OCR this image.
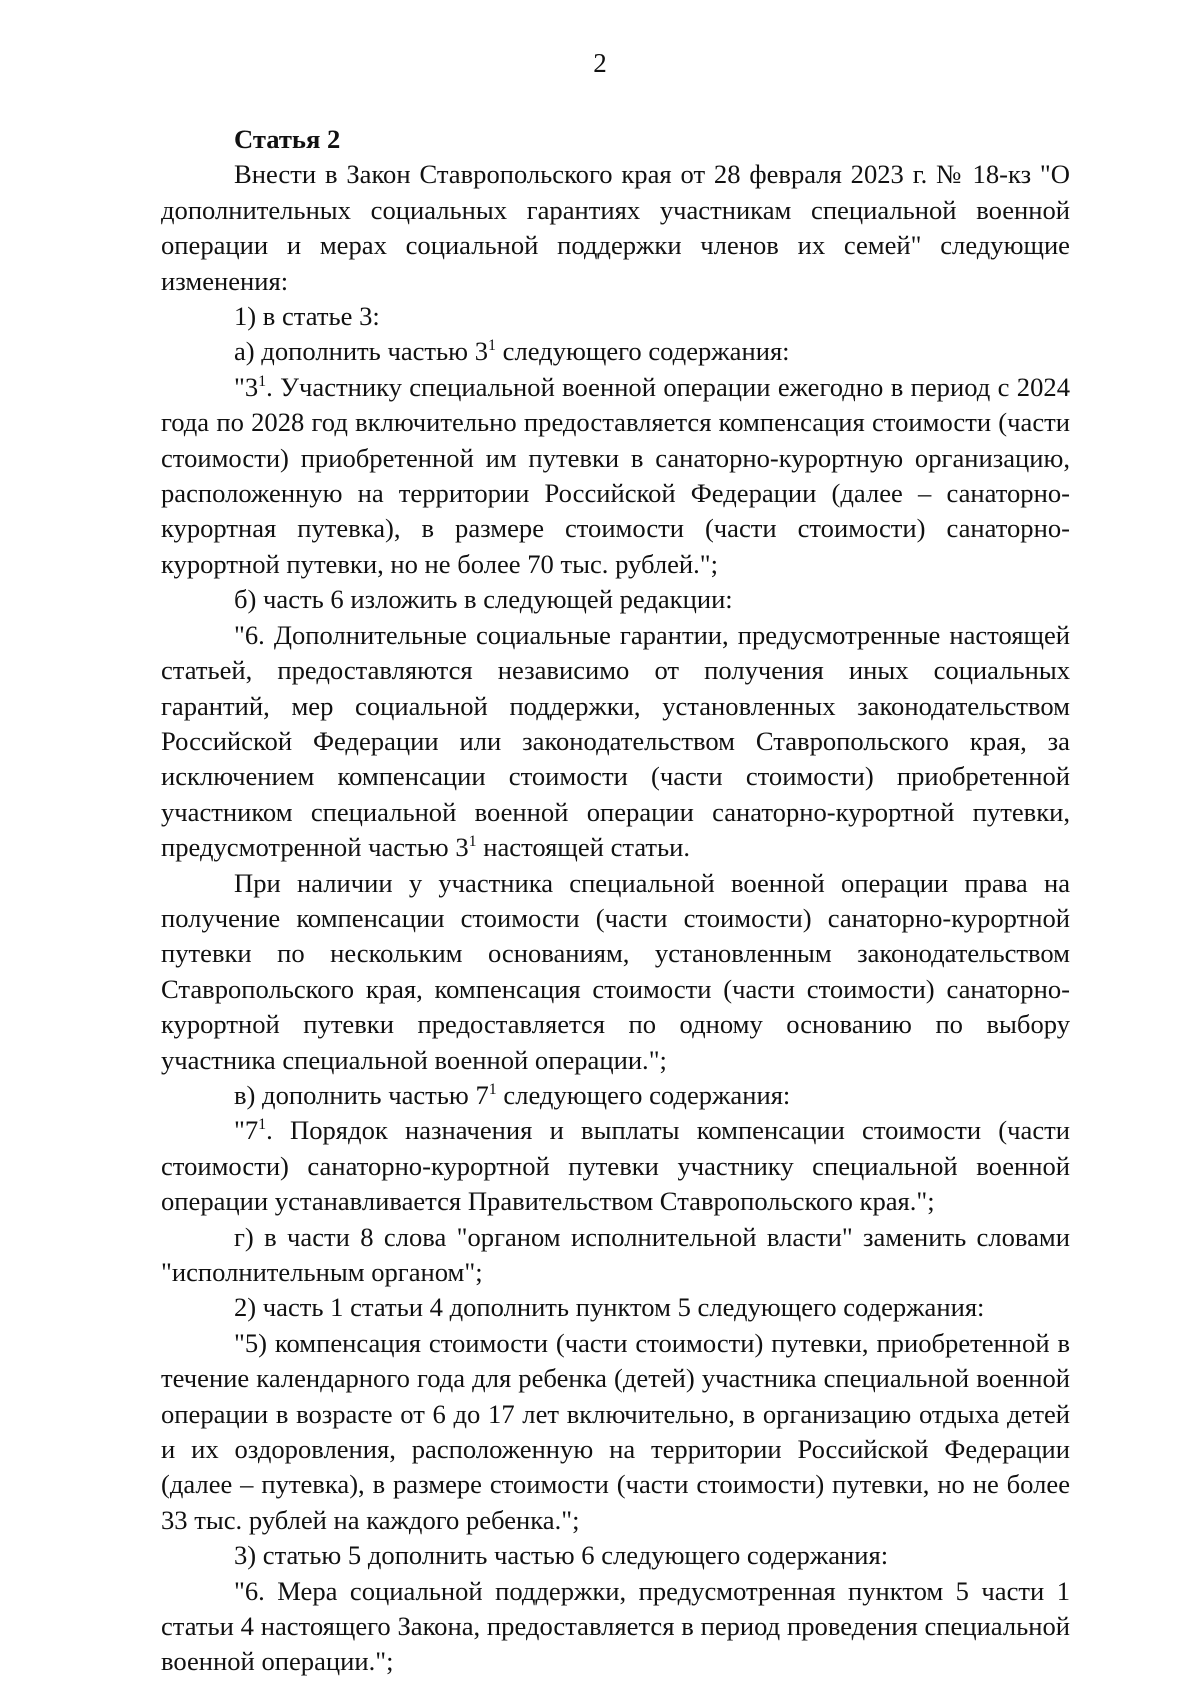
2
Статья 2

Внести в Закон Ставропольского края от 28 февраля 2023 г. № 18-кз "О дополнительных социальных гарантиях участникам специальной военной операции и мерах социальной поддержки членов их семей" следующие изменения:

1) в статье 3:

а) дополнить частью $3^1$ следующего содержания:

"$3^1$. Участнику специальной военной операции ежегодно в период с 2024 года по 2028 год включительно предоставляется компенсация стоимости (части стоимости) приобретенной им путевки в санаторно-курортную организацию, расположенную на территории Российской Федерации (далее – санаторно-курортная путевка), в размере стоимости (части стоимости) санаторно-курортной путевки, но не более 70 тыс. рублей.";

б) часть 6 изложить в следующей редакции:

"6. Дополнительные социальные гарантии, предусмотренные настоящей статьей, предоставляются независимо от получения иных социальных гарантий, мер социальной поддержки, установленных законодательством Российской Федерации или законодательством Ставропольского края, за исключением компенсации стоимости (части стоимости) приобретенной участником специальной военной операции санаторно-курортной путевки, предусмотренной частью $3^1$ настоящей статьи.

При наличии у участника специальной военной операции права на получение компенсации стоимости (части стоимости) санаторно-курортной путевки по нескольким основаниям, установленным законодательством Ставропольского края, компенсация стоимости (части стоимости) санаторно-курортной путевки предоставляется по одному основанию по выбору участника специальной военной операции.";

в) дополнить частью $7^1$ следующего содержания:

"$7^1$. Порядок назначения и выплаты компенсации стоимости (части стоимости) санаторно-курортной путевки участнику специальной военной операции устанавливается Правительством Ставропольского края.";

г) в части 8 слова "органом исполнительной власти" заменить словами "исполнительным органом";

2) часть 1 статьи 4 дополнить пунктом 5 следующего содержания:

"5) компенсация стоимости (части стоимости) путевки, приобретенной в течение календарного года для ребенка (детей) участника специальной военной операции в возрасте от 6 до 17 лет включительно, в организацию отдыха детей и их оздоровления, расположенную на территории Российской Федерации (далее – путевка), в размере стоимости (части стоимости) путевки, но не более 33 тыс. рублей на каждого ребенка.";

3) статью 5 дополнить частью 6 следующего содержания:

"6. Мера социальной поддержки, предусмотренная пунктом 5 части 1 статьи 4 настоящего Закона, предоставляется в период проведения специальной военной операции.";
